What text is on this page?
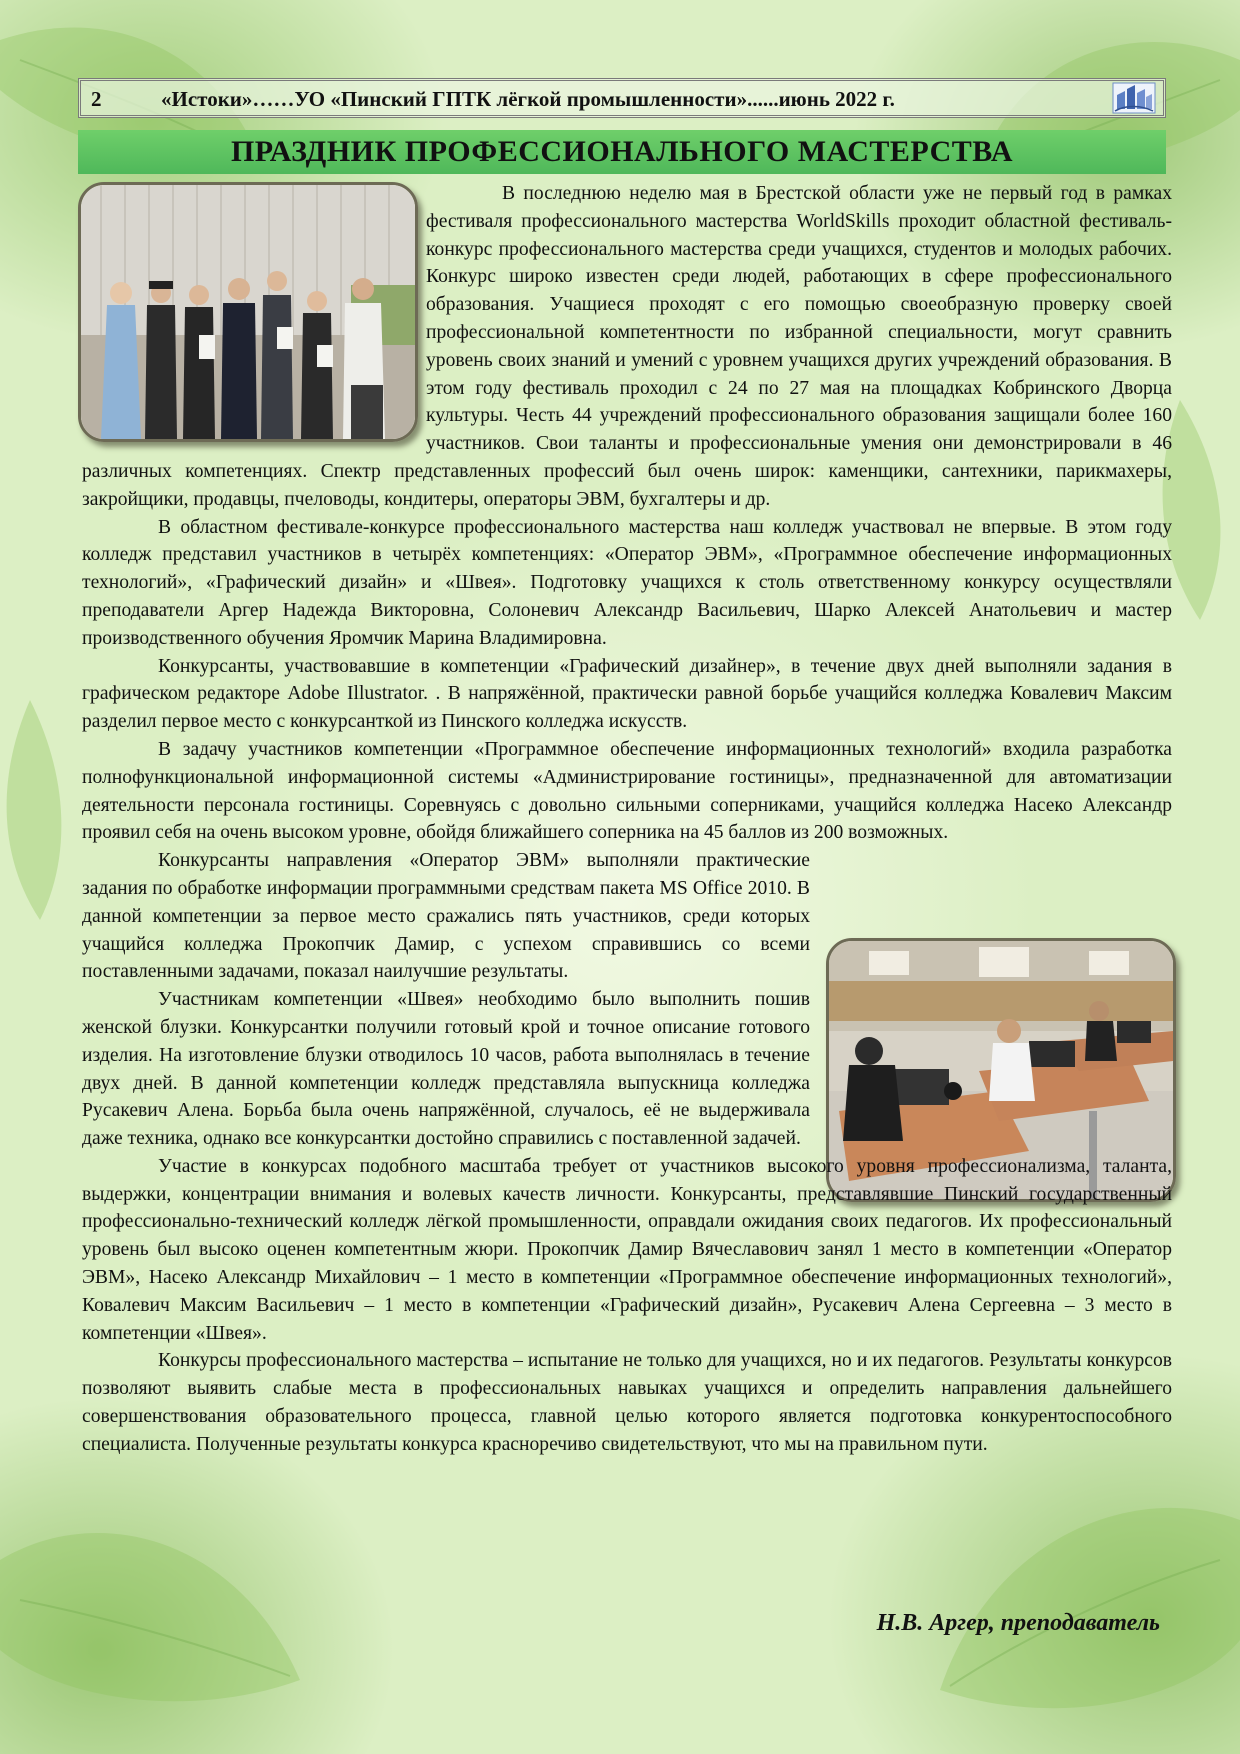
2	«Истоки»……УО «Пинский ГПТК лёгкой промышленности»......июнь 2022 г.
ПРАЗДНИК ПРОФЕССИОНАЛЬНОГО МАСТЕРСТВА

В последнюю неделю мая в Брестской области уже не первый год в рамках фестиваля профессионального мастерства WorldSkills проходит областной фестиваль-конкурс профессионального мастерства среди учащихся, студентов и молодых рабочих. Конкурс широко известен среди людей, работающих в сфере профессионального образования. Учащиеся проходят с его помощью своеобразную проверку своей профессиональной компетентности по избранной специальности, могут сравнить уровень своих знаний и умений с уровнем учащихся других учреждений образования. В этом году фестиваль проходил с 24 по 27 мая на площадках Кобринского Дворца культуры. Честь 44 учреждений профессионального образования защищали более 160 участников. Свои таланты и профессиональные умения они демонстрировали в 46 различных компетенциях. Спектр представленных профессий был очень широк: каменщики, сантехники, парикмахеры, закройщики, продавцы, пчеловоды, кондитеры, операторы ЭВМ, бухгалтеры и др.

В областном фестивале-конкурсе профессионального мастерства наш колледж участвовал не впервые. В этом году колледж представил участников в четырёх компетенциях: «Оператор ЭВМ», «Программное обеспечение информационных технологий», «Графический дизайн» и «Швея». Подготовку учащихся к столь ответственному конкурсу осуществляли преподаватели Аргер Надежда Викторовна, Солоневич Александр Васильевич, Шарко Алексей Анатольевич и мастер производственного обучения Яромчик Марина Владимировна.

Конкурсанты, участвовавшие в компетенции «Графический дизайнер», в течение двух дней выполняли задания в графическом редакторе Adobe Illustrator. . В напряжённой, практически равной борьбе учащийся колледжа Ковалевич Максим разделил первое место с конкурсанткой из Пинского колледжа искусств.

В задачу участников компетенции «Программное обеспечение информационных технологий» входила разработка полнофункциональной информационной системы «Администрирование гостиницы», предназначенной для автоматизации деятельности персонала гостиницы. Соревнуясь с довольно сильными соперниками, учащийся колледжа Насеко Александр проявил себя на очень высоком уровне, обойдя ближайшего соперника на 45 баллов из 200 возможных.

Конкурсанты направления «Оператор ЭВМ» выполняли практические задания по обработке информации программными средствам пакета MS Office 2010. В данной компетенции за первое место сражались пять участников, среди которых учащийся колледжа Прокопчик Дамир, с успехом справившись со всеми поставленными задачами, показал наилучшие результаты.

Участникам компетенции «Швея» необходимо было выполнить пошив женской блузки. Конкурсантки получили готовый крой и точное описание готового изделия. На изготовление блузки отводилось 10 часов, работа выполнялась в течение двух дней. В данной компетенции колледж представляла выпускница колледжа Русакевич Алена. Борьба была очень напряжённой, случалось, её не выдерживала даже техника, однако все конкурсантки достойно справились с поставленной задачей.

Участие в конкурсах подобного масштаба требует от участников высокого уровня профессионализма, таланта, выдержки, концентрации внимания и волевых качеств личности. Конкурсанты, представлявшие Пинский государственный профессионально-технический колледж лёгкой промышленности, оправдали ожидания своих педагогов. Их профессиональный уровень был высоко оценен компетентным жюри. Прокопчик Дамир Вячеславович занял 1 место в компетенции «Оператор ЭВМ», Насеко Александр Михайлович – 1 место в компетенции «Программное обеспечение информационных технологий», Ковалевич Максим Васильевич – 1 место в компетенции «Графический дизайн», Русакевич Алена Сергеевна – 3 место в компетенции «Швея».

Конкурсы профессионального мастерства – испытание не только для учащихся, но и их педагогов. Результаты конкурсов позволяют выявить слабые места в профессиональных навыках учащихся и определить направления дальнейшего совершенствования образовательного процесса, главной целью которого является подготовка конкурентоспособного специалиста. Полученные результаты конкурса красноречиво свидетельствуют, что мы на правильном пути.

Н.В. Аргер, преподаватель
